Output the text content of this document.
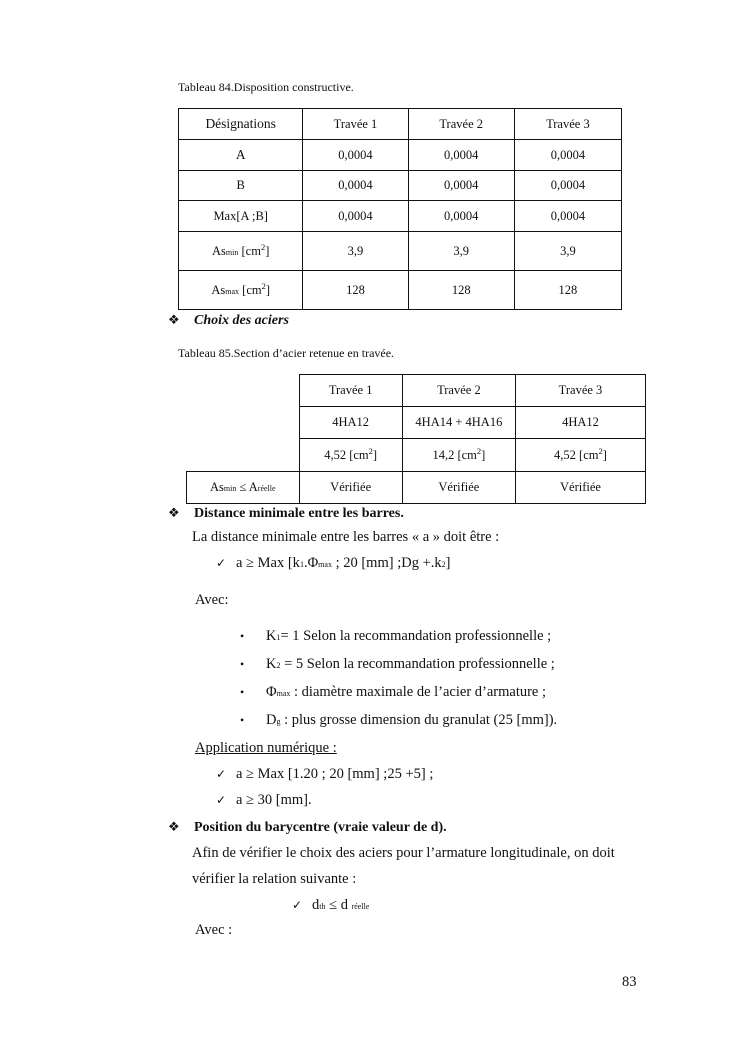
Tableau 84.Disposition constructive.
Désignations	Travée 1	Travée 2	Travée 3
A	0,0004	0,0004	0,0004
B	0,0004	0,0004	0,0004
Max[A ;B]	0,0004	0,0004	0,0004
Asmin $[cm^2]$	3,9	3,9	3,9
Asmax $[cm^2]$	128	128	128
❖ Choix des aciers
Tableau 85.Section d’acier retenue en travée.
	Travée 1	Travée 2	Travée 3
	4HA12	4HA14 + 4HA16	4HA12
	4,52 $[cm^2]$	14,2 $[cm^2]$	4,52 $[cm^2]$
Asmin ≤ Aréelle	Vérifiée	Vérifiée	Vérifiée
❖ Distance minimale entre les barres.
La distance minimale entre les barres « a » doit être :
✓ a ≥ Max [k1.Φmax ; 20 [mm] ;Dg +.k2]
Avec:
• K1= 1 Selon la recommandation professionnelle ;
• K2 = 5 Selon la recommandation professionnelle ;
• Φmax : diamètre maximale de l’acier d’armature ;
• Dg : plus grosse dimension du granulat (25 [mm]).
Application numérique :
✓ a ≥ Max [1.20 ; 20 [mm] ;25 +5] ;
✓ a ≥ 30 [mm].
❖ Position du barycentre (vraie valeur de d).
Afin de vérifier le choix des aciers pour l’armature longitudinale, on doit
vérifier la relation suivante :
✓ dth ≤ d réelle
Avec :
83
